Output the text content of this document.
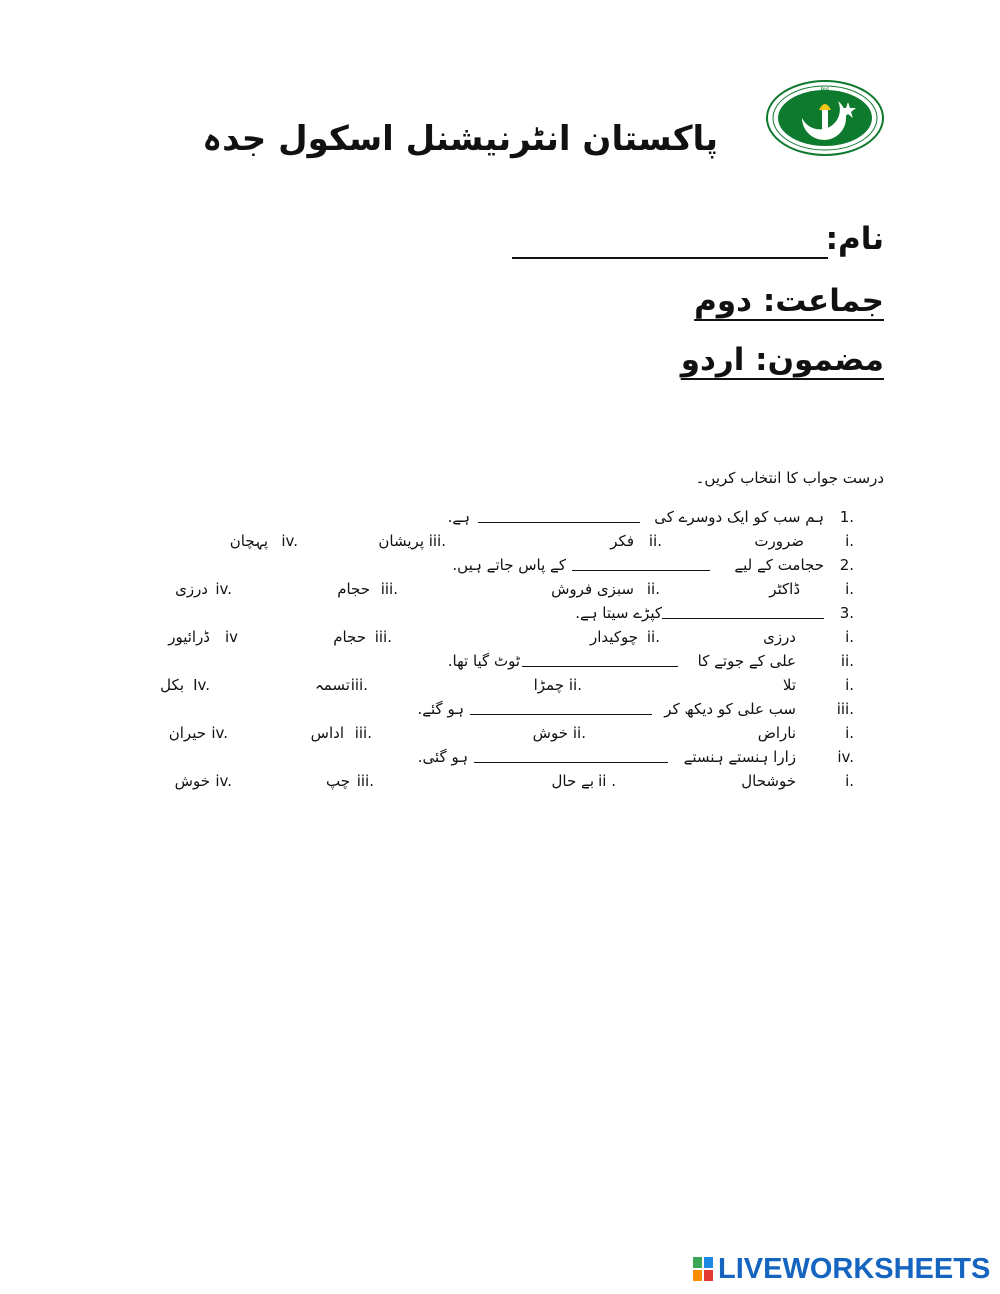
PIS
پاکستان انٹرنیشنل اسکول جدہ
نام:
جماعت: دوم
مضمون: اردو
درست جواب کا انتخاب کریں۔
1.
ہم سب کو ایک دوسرے کی
ہے.
i.
ضرورت
ii.
فکر
iii.
پریشان
iv.
پہچان
2.
حجامت کے لیے
کے پاس جاتے ہیں.
i.
ڈاکٹر
ii.
سبزی فروش
iii.
حجام
iv.
درزی
3.
کپڑے سیتا ہے.
i.
درزی
ii.
چوکیدار
iii.
حجام
iv
ڈرائیور
ii.
علی کے جوتے کا
ٹوٹ گیا تھا.
i.
تلا
ii.
چمڑا
iii.
تسمہ
Iv.
بکل
iii.
سب علی کو دیکھ کر
ہو گئے.
i.
ناراض
ii.
خوش
iii.
اداس
iv.
حیران
iv.
زارا ہنستے ہنستے
ہو گئی.
i.
خوشحال
ii .
بے حال
iii.
چپ
iv.
خوش
LIVEWORKSHEETS
